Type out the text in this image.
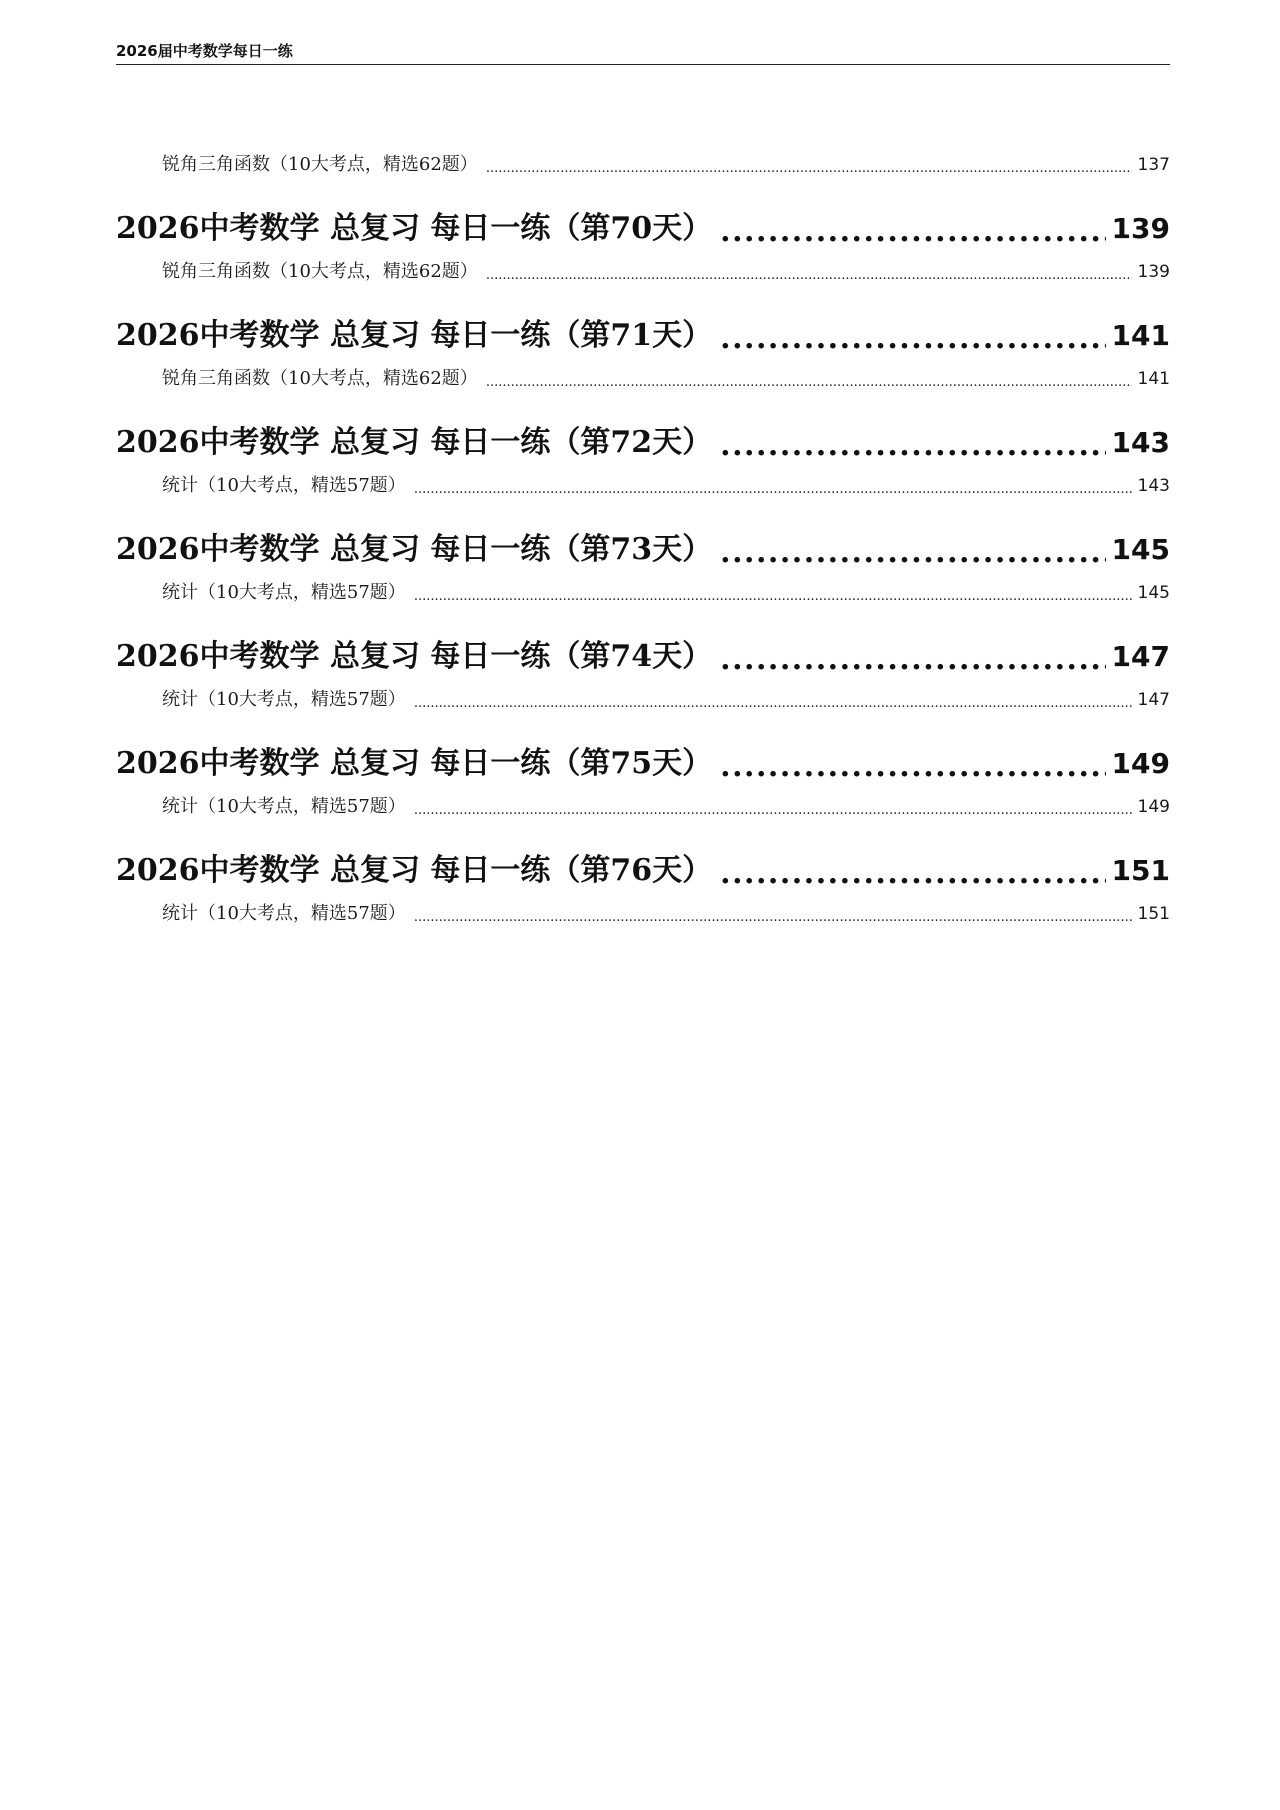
2026届中考数学每日一练
锐角三角函数（10大考点，精选62题） .....	137
2026中考数学 总复习 每日一练（第70天） .....	139
锐角三角函数（10大考点，精选62题） .....	139
2026中考数学 总复习 每日一练（第71天） .....	141
锐角三角函数（10大考点，精选62题） .....	141
2026中考数学 总复习 每日一练（第72天） .....	143
统计（10大考点，精选57题） .....	143
2026中考数学 总复习 每日一练（第73天） .....	145
统计（10大考点，精选57题） .....	145
2026中考数学 总复习 每日一练（第74天） .....	147
统计（10大考点，精选57题） .....	147
2026中考数学 总复习 每日一练（第75天） .....	149
统计（10大考点，精选57题） .....	149
2026中考数学 总复习 每日一练（第76天） .....	151
统计（10大考点，精选57题） .....	151
